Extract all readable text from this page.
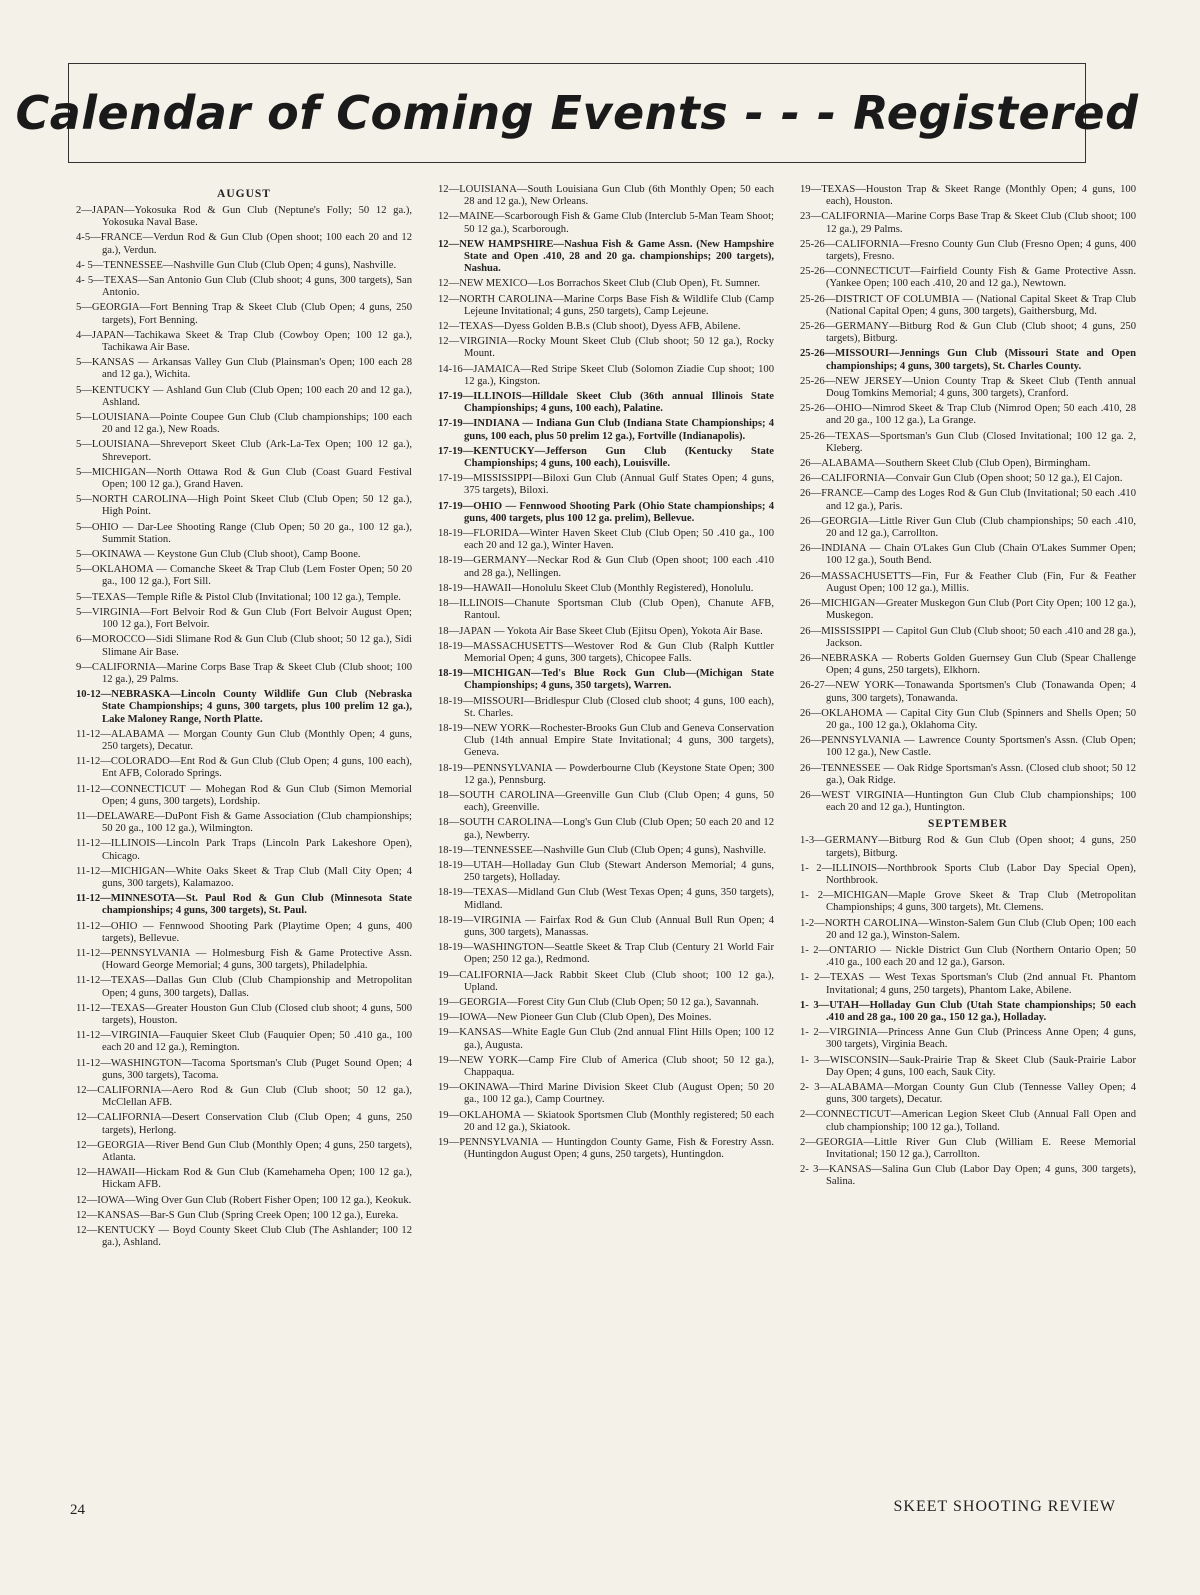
Calendar of Coming Events - - - Registered
AUGUST

2—JAPAN—Yokosuka Rod & Gun Club (Neptune's Folly; 50 12 ga.), Yokosuka Naval Base.

4-5—FRANCE—Verdun Rod & Gun Club (Open shoot; 100 each 20 and 12 ga.), Verdun.

4- 5—TENNESSEE—Nashville Gun Club (Club Open; 4 guns), Nashville.

4- 5—TEXAS—San Antonio Gun Club (Club shoot; 4 guns, 300 targets), San Antonio.

5—GEORGIA—Fort Benning Trap & Skeet Club (Club Open; 4 guns, 250 targets), Fort Benning.

4—JAPAN—Tachikawa Skeet & Trap Club (Cowboy Open; 100 12 ga.), Tachikawa Air Base.

5—KANSAS — Arkansas Valley Gun Club (Plainsman's Open; 100 each 28 and 12 ga.), Wichita.

5—KENTUCKY — Ashland Gun Club (Club Open; 100 each 20 and 12 ga.), Ashland.

5—LOUISIANA—Pointe Coupee Gun Club (Club championships; 100 each 20 and 12 ga.), New Roads.

5—LOUISIANA—Shreveport Skeet Club (Ark-La-Tex Open; 100 12 ga.), Shreveport.

5—MICHIGAN—North Ottawa Rod & Gun Club (Coast Guard Festival Open; 100 12 ga.), Grand Haven.

5—NORTH CAROLINA—High Point Skeet Club (Club Open; 50 12 ga.), High Point.

5—OHIO — Dar-Lee Shooting Range (Club Open; 50 20 ga., 100 12 ga.), Summit Station.

5—OKINAWA — Keystone Gun Club (Club shoot), Camp Boone.

5—OKLAHOMA — Comanche Skeet & Trap Club (Lem Foster Open; 50 20 ga., 100 12 ga.), Fort Sill.

5—TEXAS—Temple Rifle & Pistol Club (Invitational; 100 12 ga.), Temple.

5—VIRGINIA—Fort Belvoir Rod & Gun Club (Fort Belvoir August Open; 100 12 ga.), Fort Belvoir.

6—MOROCCO—Sidi Slimane Rod & Gun Club (Club shoot; 50 12 ga.), Sidi Slimane Air Base.

9—CALIFORNIA—Marine Corps Base Trap & Skeet Club (Club shoot; 100 12 ga.), 29 Palms.

10-12—NEBRASKA—Lincoln County Wildlife Gun Club (Nebraska State Championships; 4 guns, 300 targets, plus 100 prelim 12 ga.), Lake Maloney Range, North Platte.

11-12—ALABAMA — Morgan County Gun Club (Monthly Open; 4 guns, 250 targets), Decatur.

11-12—COLORADO—Ent Rod & Gun Club (Club Open; 4 guns, 100 each), Ent AFB, Colorado Springs.

11-12—CONNECTICUT — Mohegan Rod & Gun Club (Simon Memorial Open; 4 guns, 300 targets), Lordship.

11—DELAWARE—DuPont Fish & Game Association (Club championships; 50 20 ga., 100 12 ga.), Wilmington.

11-12—ILLINOIS—Lincoln Park Traps (Lincoln Park Lakeshore Open), Chicago.

11-12—MICHIGAN—White Oaks Skeet & Trap Club (Mall City Open; 4 guns, 300 targets), Kalamazoo.

11-12—MINNESOTA—St. Paul Rod & Gun Club (Minnesota State championships; 4 guns, 300 targets), St. Paul.

11-12—OHIO — Fennwood Shooting Park (Playtime Open; 4 guns, 400 targets), Bellevue.

11-12—PENNSYLVANIA — Holmesburg Fish & Game Protective Assn. (Howard George Memorial; 4 guns, 300 targets), Philadelphia.

11-12—TEXAS—Dallas Gun Club (Club Championship and Metropolitan Open; 4 guns, 300 targets), Dallas.

11-12—TEXAS—Greater Houston Gun Club (Closed club shoot; 4 guns, 500 targets), Houston.

11-12—VIRGINIA—Fauquier Skeet Club (Fauquier Open; 50 .410 ga., 100 each 20 and 12 ga.), Remington.

11-12—WASHINGTON—Tacoma Sportsman's Club (Puget Sound Open; 4 guns, 300 targets), Tacoma.

12—CALIFORNIA—Aero Rod & Gun Club (Club shoot; 50 12 ga.), McClellan AFB.

12—CALIFORNIA—Desert Conservation Club (Club Open; 4 guns, 250 targets), Herlong.

12—GEORGIA—River Bend Gun Club (Monthly Open; 4 guns, 250 targets), Atlanta.

12—HAWAII—Hickam Rod & Gun Club (Kamehameha Open; 100 12 ga.), Hickam AFB.

12—IOWA—Wing Over Gun Club (Robert Fisher Open; 100 12 ga.), Keokuk.

12—KANSAS—Bar-S Gun Club (Spring Creek Open; 100 12 ga.), Eureka.

12—KENTUCKY — Boyd County Skeet Club Club (The Ashlander; 100 12 ga.), Ashland.

12—LOUISIANA—South Louisiana Gun Club (6th Monthly Open; 50 each 28 and 12 ga.), New Orleans.

12—MAINE—Scarborough Fish & Game Club (Interclub 5-Man Team Shoot; 50 12 ga.), Scarborough.

12—NEW HAMPSHIRE—Nashua Fish & Game Assn. (New Hampshire State and Open .410, 28 and 20 ga. championships; 200 targets), Nashua.

12—NEW MEXICO—Los Borrachos Skeet Club (Club Open), Ft. Sumner.

12—NORTH CAROLINA—Marine Corps Base Fish & Wildlife Club (Camp Lejeune Invitational; 4 guns, 250 targets), Camp Lejeune.

12—TEXAS—Dyess Golden B.B.s (Club shoot), Dyess AFB, Abilene.

12—VIRGINIA—Rocky Mount Skeet Club (Club shoot; 50 12 ga.), Rocky Mount.

14-16—JAMAICA—Red Stripe Skeet Club (Solomon Ziadie Cup shoot; 100 12 ga.), Kingston.

17-19—ILLINOIS—Hilldale Skeet Club (36th annual Illinois State Championships; 4 guns, 100 each), Palatine.

17-19—INDIANA — Indiana Gun Club (Indiana State Championships; 4 guns, 100 each, plus 50 prelim 12 ga.), Fortville (Indianapolis).

17-19—KENTUCKY—Jefferson Gun Club (Kentucky State Championships; 4 guns, 100 each), Louisville.

17-19—MISSISSIPPI—Biloxi Gun Club (Annual Gulf States Open; 4 guns, 375 targets), Biloxi.

17-19—OHIO — Fennwood Shooting Park (Ohio State championships; 4 guns, 400 targets, plus 100 12 ga. prelim), Bellevue.

18-19—FLORIDA—Winter Haven Skeet Club (Club Open; 50 .410 ga., 100 each 20 and 12 ga.), Winter Haven.

18-19—GERMANY—Neckar Rod & Gun Club (Open shoot; 100 each .410 and 28 ga.), Nellingen.

18-19—HAWAII—Honolulu Skeet Club (Monthly Registered), Honolulu.

18—ILLINOIS—Chanute Sportsman Club (Club Open), Chanute AFB, Rantoul.

18—JAPAN — Yokota Air Base Skeet Club (Ejitsu Open), Yokota Air Base.

18-19—MASSACHUSETTS—Westover Rod & Gun Club (Ralph Kuttler Memorial Open; 4 guns, 300 targets), Chicopee Falls.

18-19—MICHIGAN—Ted's Blue Rock Gun Club—(Michigan State Championships; 4 guns, 350 targets), Warren.

18-19—MISSOURI—Bridlespur Club (Closed club shoot; 4 guns, 100 each), St. Charles.

18-19—NEW YORK—Rochester-Brooks Gun Club and Geneva Conservation Club (14th annual Empire State Invitational; 4 guns, 300 targets), Geneva.

18-19—PENNSYLVANIA — Powderbourne Club (Keystone State Open; 300 12 ga.), Pennsburg.

18—SOUTH CAROLINA—Greenville Gun Club (Club Open; 4 guns, 50 each), Greenville.

18—SOUTH CAROLINA—Long's Gun Club (Club Open; 50 each 20 and 12 ga.), Newberry.

18-19—TENNESSEE—Nashville Gun Club (Club Open; 4 guns), Nashville.

18-19—UTAH—Holladay Gun Club (Stewart Anderson Memorial; 4 guns, 250 targets), Holladay.

18-19—TEXAS—Midland Gun Club (West Texas Open; 4 guns, 350 targets), Midland.

18-19—VIRGINIA — Fairfax Rod & Gun Club (Annual Bull Run Open; 4 guns, 300 targets), Manassas.

18-19—WASHINGTON—Seattle Skeet & Trap Club (Century 21 World Fair Open; 250 12 ga.), Redmond.

19—CALIFORNIA—Jack Rabbit Skeet Club (Club shoot; 100 12 ga.), Upland.

19—GEORGIA—Forest City Gun Club (Club Open; 50 12 ga.), Savannah.

19—IOWA—New Pioneer Gun Club (Club Open), Des Moines.

19—KANSAS—White Eagle Gun Club (2nd annual Flint Hills Open; 100 12 ga.), Augusta.

19—NEW YORK—Camp Fire Club of America (Club shoot; 50 12 ga.), Chappaqua.

19—OKINAWA—Third Marine Division Skeet Club (August Open; 50 20 ga., 100 12 ga.), Camp Courtney.

19—OKLAHOMA — Skiatook Sportsmen Club (Monthly registered; 50 each 20 and 12 ga.), Skiatook.

19—PENNSYLVANIA — Huntingdon County Game, Fish & Forestry Assn. (Huntingdon August Open; 4 guns, 250 targets), Huntingdon.

19—TEXAS—Houston Trap & Skeet Range (Monthly Open; 4 guns, 100 each), Houston.

23—CALIFORNIA—Marine Corps Base Trap & Skeet Club (Club shoot; 100 12 ga.), 29 Palms.

25-26—CALIFORNIA—Fresno County Gun Club (Fresno Open; 4 guns, 400 targets), Fresno.

25-26—CONNECTICUT—Fairfield County Fish & Game Protective Assn. (Yankee Open; 100 each .410, 20 and 12 ga.), Newtown.

25-26—DISTRICT OF COLUMBIA — (National Capital Skeet & Trap Club (National Capital Open; 4 guns, 300 targets), Gaithersburg, Md.

25-26—GERMANY—Bitburg Rod & Gun Club (Club shoot; 4 guns, 250 targets), Bitburg.

25-26—MISSOURI—Jennings Gun Club (Missouri State and Open championships; 4 guns, 300 targets), St. Charles County.

25-26—NEW JERSEY—Union County Trap & Skeet Club (Tenth annual Doug Tomkins Memorial; 4 guns, 300 targets), Cranford.

25-26—OHIO—Nimrod Skeet & Trap Club (Nimrod Open; 50 each .410, 28 and 20 ga., 100 12 ga.), La Grange.

25-26—TEXAS—Sportsman's Gun Club (Closed Invitational; 100 12 ga. 2, Kleberg.

26—ALABAMA—Southern Skeet Club (Club Open), Birmingham.

26—CALIFORNIA—Convair Gun Club (Open shoot; 50 12 ga.), El Cajon.

26—FRANCE—Camp des Loges Rod & Gun Club (Invitational; 50 each .410 and 12 ga.), Paris.

26—GEORGIA—Little River Gun Club (Club championships; 50 each .410, 20 and 12 ga.), Carrollton.

26—INDIANA — Chain O'Lakes Gun Club (Chain O'Lakes Summer Open; 100 12 ga.), South Bend.

26—MASSACHUSETTS—Fin, Fur & Feather Club (Fin, Fur & Feather August Open; 100 12 ga.), Millis.

26—MICHIGAN—Greater Muskegon Gun Club (Port City Open; 100 12 ga.), Muskegon.

26—MISSISSIPPI — Capitol Gun Club (Club shoot; 50 each .410 and 28 ga.), Jackson.

26—NEBRASKA — Roberts Golden Guernsey Gun Club (Spear Challenge Open; 4 guns, 250 targets), Elkhorn.

26-27—NEW YORK—Tonawanda Sportsmen's Club (Tonawanda Open; 4 guns, 300 targets), Tonawanda.

26—OKLAHOMA — Capital City Gun Club (Spinners and Shells Open; 50 20 ga., 100 12 ga.), Oklahoma City.

26—PENNSYLVANIA — Lawrence County Sportsmen's Assn. (Club Open; 100 12 ga.), New Castle.

26—TENNESSEE — Oak Ridge Sportsman's Assn. (Closed club shoot; 50 12 ga.), Oak Ridge.

26—WEST VIRGINIA—Huntington Gun Club Club championships; 100 each 20 and 12 ga.), Huntington.

SEPTEMBER

1-3—GERMANY—Bitburg Rod & Gun Club (Open shoot; 4 guns, 250 targets), Bitburg.

1- 2—ILLINOIS—Northbrook Sports Club (Labor Day Special Open), Northbrook.

1- 2—MICHIGAN—Maple Grove Skeet & Trap Club (Metropolitan Championships; 4 guns, 300 targets), Mt. Clemens.

1-2—NORTH CAROLINA—Winston-Salem Gun Club (Club Open; 100 each 20 and 12 ga.), Winston-Salem.

1- 2—ONTARIO — Nickle District Gun Club (Northern Ontario Open; 50 .410 ga., 100 each 20 and 12 ga.), Garson.

1- 2—TEXAS — West Texas Sportsman's Club (2nd annual Ft. Phantom Invitational; 4 guns, 250 targets), Phantom Lake, Abilene.

1- 3—UTAH—Holladay Gun Club (Utah State championships; 50 each .410 and 28 ga., 100 20 ga., 150 12 ga.), Holladay.

1- 2—VIRGINIA—Princess Anne Gun Club (Princess Anne Open; 4 guns, 300 targets), Virginia Beach.

1- 3—WISCONSIN—Sauk-Prairie Trap & Skeet Club (Sauk-Prairie Labor Day Open; 4 guns, 100 each, Sauk City.

2- 3—ALABAMA—Morgan County Gun Club (Tennesse Valley Open; 4 guns, 300 targets), Decatur.

2—CONNECTICUT—American Legion Skeet Club (Annual Fall Open and club championship; 100 12 ga.), Tolland.

2—GEORGIA—Little River Gun Club (William E. Reese Memorial Invitational; 150 12 ga.), Carrollton.

2- 3—KANSAS—Salina Gun Club (Labor Day Open; 4 guns, 300 targets), Salina.

24	SKEET SHOOTING REVIEW
